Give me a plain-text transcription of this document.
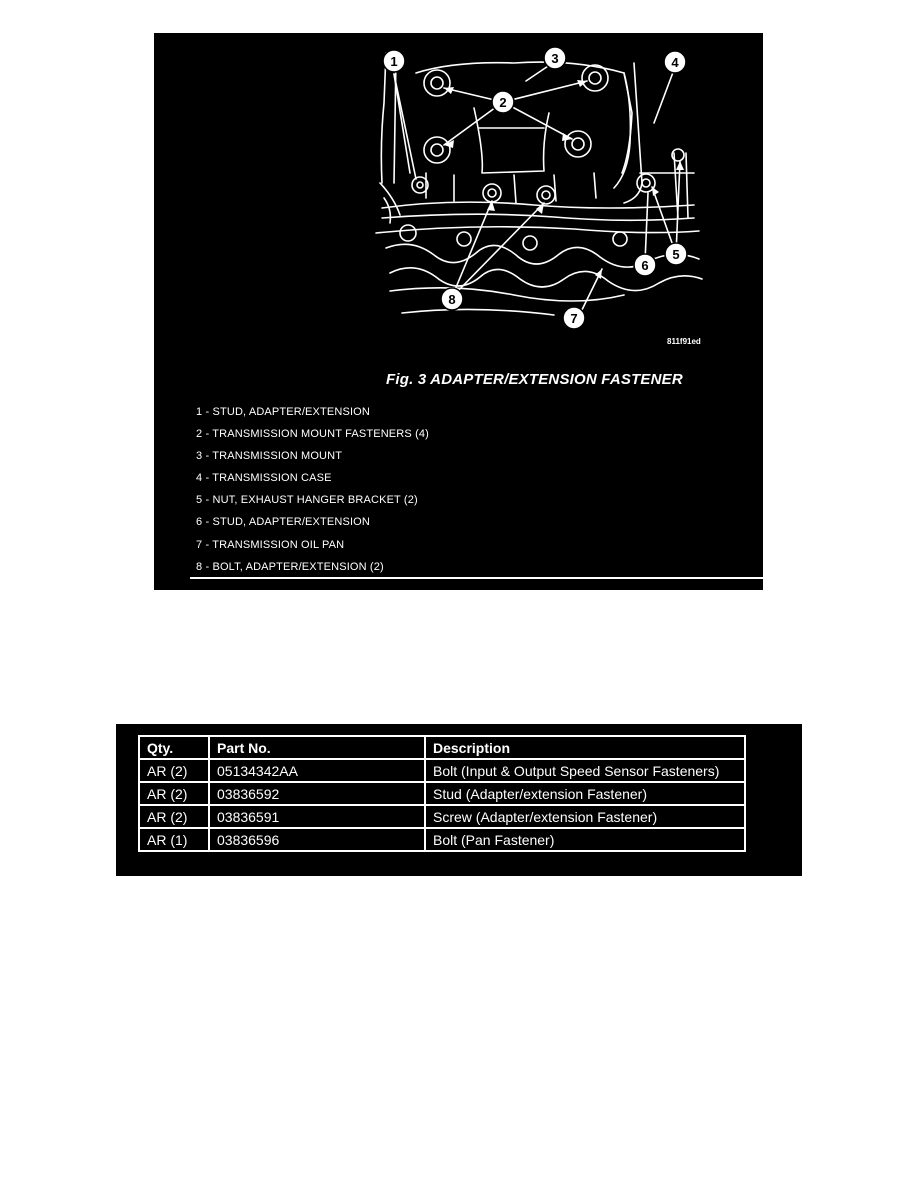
1
2
3	4
5
6
7
8
811f91ed
Fig. 3 ADAPTER/EXTENSION FASTENER
1 - STUD, ADAPTER/EXTENSION
2 - TRANSMISSION MOUNT FASTENERS (4)
3 - TRANSMISSION MOUNT
4 - TRANSMISSION CASE
5 - NUT, EXHAUST HANGER BRACKET (2)
6 - STUD, ADAPTER/EXTENSION
7 - TRANSMISSION OIL PAN
8 - BOLT, ADAPTER/EXTENSION (2)
Qty.	Part No.	Description
AR (2)	05134342AA	Bolt (Input & Output Speed Sensor Fasteners)
AR (2)	03836592	Stud (Adapter/extension Fastener)
AR (2)	03836591	Screw (Adapter/extension Fastener)
AR (1)	03836596	Bolt (Pan Fastener)
